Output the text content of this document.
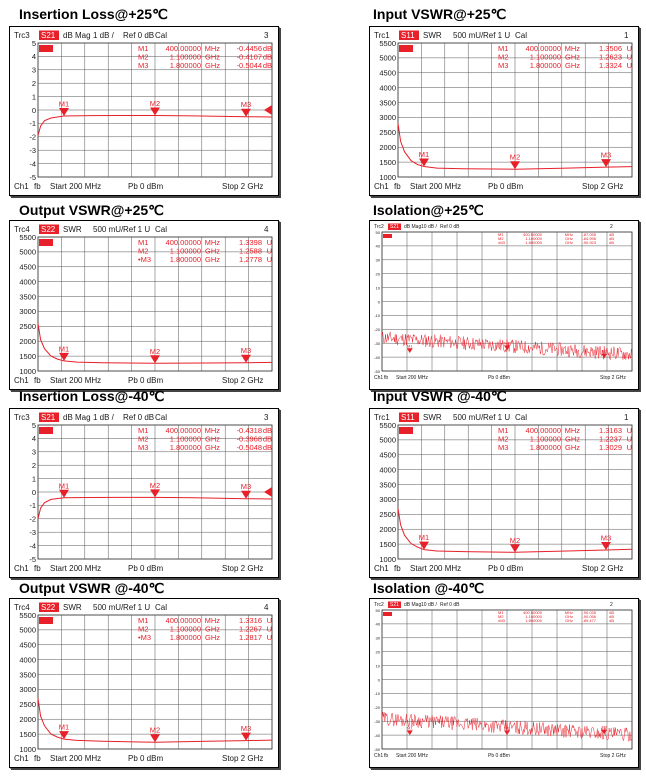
Insertion Loss@+25℃
Trc3 S21 dB Mag 1 dB / Ref 0 dB Cal	3
5
4
3
2
1
0
-1
-2
-3
-4
-5
M1 400.00000 MHz -0.4456 dB
M1
M2	1.100000 GHz -0.4107 dB
M2
M3	1.800000 GHz -0.5044 dB
M3
Ch1 fb Start 200 MHz	Pb 0 dBm	Stop 2 GHz
Output VSWR@+25℃
Trc4 S22 SWR 500 mU/ Ref 1 U Cal	4
5500
5000
4500
4000
3500
3000
2500
2000
1500
1000
M1 400.00000 MHz	1.3398 U
M1
M2	1.100000 GHz	1.2588 U
M2
•M3 1.800000 GHz	1.2778 U
M3
Ch1 fb Start 200 MHz	Pb 0 dBm	Stop 2 GHz
Insertion Loss@-40℃
Trc3 S21 dB Mag 1 dB / Ref 0 dB Cal	3
5
4
3
2
1
0
-1
-2
-3
-4
-5
M1 400.00000 MHz -0.4318 dB
M1
M2	1.100000 GHz -0.3968 dB
M2
M3	1.800000 GHz -0.5048 dB
M3
Ch1 fb Start 200 MHz	Pb 0 dBm	Stop 2 GHz
Output VSWR @-40℃
Trc4 S22 SWR 500 mU/ Ref 1 U Cal	4
5500
5000
4500
4000
3500
3000
2500
2000
1500
1000
M1 400.00000 MHz	1.3316 U
M1
M2	1.100000 GHz	1.2267 U
M2
•M3 1.800000 GHz	1.2817 U
M3
Ch1 fb Start 200 MHz	Pb 0 dBm	Stop 2 GHz
Input VSWR@+25℃
Trc1 S11 SWR 500 mU/ Ref 1 U Cal	1
5500
5000
4500
4000
3500
3000
2500
2000
1500
1000
M1 400.00000 MHz	1.3506 U
M1
M2	1.100000 GHz	1.2623 U
M2
M3	1.800000 GHz	1.3324 U
M3
Ch1 fb Start 200 MHz	Pb 0 dBm	Stop 2 GHz
Isolation@+25℃
Trc2 S21 dB Mag 10 dB / Ref 0 dB	2
50
40
30
20
10
0
-10
-20
-30
-40
-50
M1	400.00000	MHz -87.095	dB
M1
M2	1.100000	GHz -84.996	dB
M2
•M3	1.800000	GHz -90.923	dB
M3
Ch1 fb Start 200 MHz	Pb 0 dBm	Stop 2 GHz
Input VSWR @-40℃
Trc1 S11 SWR 500 mU/ Ref 1 U Cal	1
5500
5000
4500
4000
3500
3000
2500
2000
1500
1000
M1 400.00000 MHz	1.3163 U
M1
M2	1.100000 GHz	1.2237 U
M2
M3	1.800000 GHz	1.3029 U
M3
Ch1 fb Start 200 MHz	Pb 0 dBm	Stop 2 GHz
Isolation @-40℃
Trc2 S21 dB Mag 10 dB / Ref 0 dB	2
50
40
30
20
10
0
-10
-20
-30
-40
-50
M1	400.00000	MHz -90.035	dB
M1
M2	1.100000	GHz -90.056	dB
M2
•M3	1.800000	GHz -89.477	dB
M3
Ch1 fb Start 200 MHz	Pb 0 dBm	Stop 2 GHz
